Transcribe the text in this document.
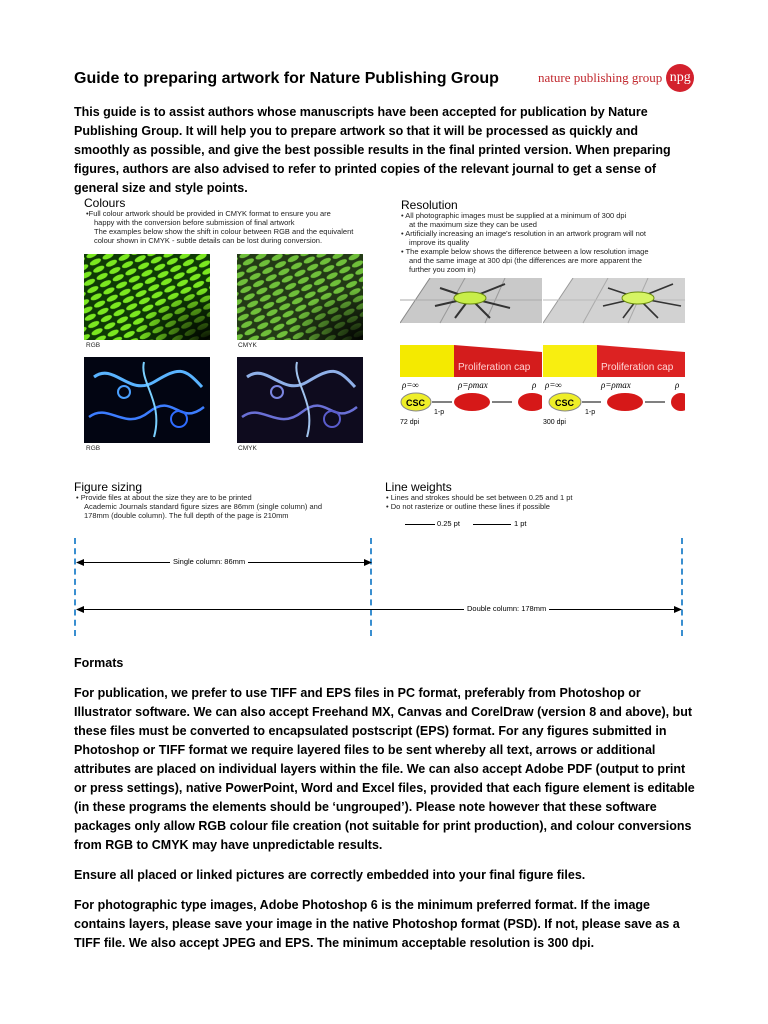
Guide to preparing artwork for Nature Publishing Group	nature publishing group npg
This guide is to assist authors whose manuscripts have been accepted for publication by Nature Publishing Group. It will help you to prepare artwork so that it will be processed as quickly and smoothly as possible, and give the best possible results in the final printed version. When preparing figures, authors are also advised to refer to printed copies of the relevant journal to get a sense of general size and style points.
Colours
•Full colour artwork should be provided in CMYK format to ensure you are
happy with the conversion before submission of final artwork
The examples below show the shift in colour between RGB and the equivalent
colour shown in CMYK - subtle details can be lost during conversion.
RGB	CMYK
RGB	CMYK
Resolution
• All photographic images must be supplied at a minimum of 300 dpi
at the maximum size they can be used
• Artificially increasing an image's resolution in an artwork program will not
improve its quality
• The example below shows the difference between a low resolution image
and the same image at 300 dpi (the differences are more apparent the
further you zoom in)
Proliferation cap
ρ=∞	ρ=ρmax	ρ
CSC
1-p
72 dpi
Proliferation cap
ρ=∞	ρ=ρmax	ρ
CSC
1-p
300 dpi
Figure sizing
• Provide files at about the size they are to be printed
Academic Journals standard figure sizes are 86mm (single column) and
178mm (double column). The full depth of the page is 210mm
Line weights
• Lines and strokes should be set between 0.25 and 1 pt
• Do not rasterize or outline these lines if possible
0.25 pt	1 pt
Single column: 86mm
Double column: 178mm
Formats
For publication, we prefer to use TIFF and EPS files in PC format, preferably from Photoshop or Illustrator software. We can also accept Freehand MX, Canvas and CorelDraw (version 8 and above), but these files must be converted to encapsulated postscript (EPS) format. For any figures submitted in Photoshop or TIFF format we require layered files to be sent whereby all text, arrows or additional attributes are placed on individual layers within the file. We can also accept Adobe PDF (output to print or press settings), native PowerPoint, Word and Excel files, provided that each figure element is editable (in these programs the elements should be ‘ungrouped’). Please note however that these software packages only allow RGB colour file creation (not suitable for print production), and colour conversions from RGB to CMYK may have unpredictable results.
Ensure all placed or linked pictures are correctly embedded into your final figure files.
For photographic type images, Adobe Photoshop 6 is the minimum preferred format. If the image contains layers, please save your image in the native Photoshop format (PSD). If not, please save as a TIFF file. We also accept JPEG and EPS. The minimum acceptable resolution is 300 dpi.
